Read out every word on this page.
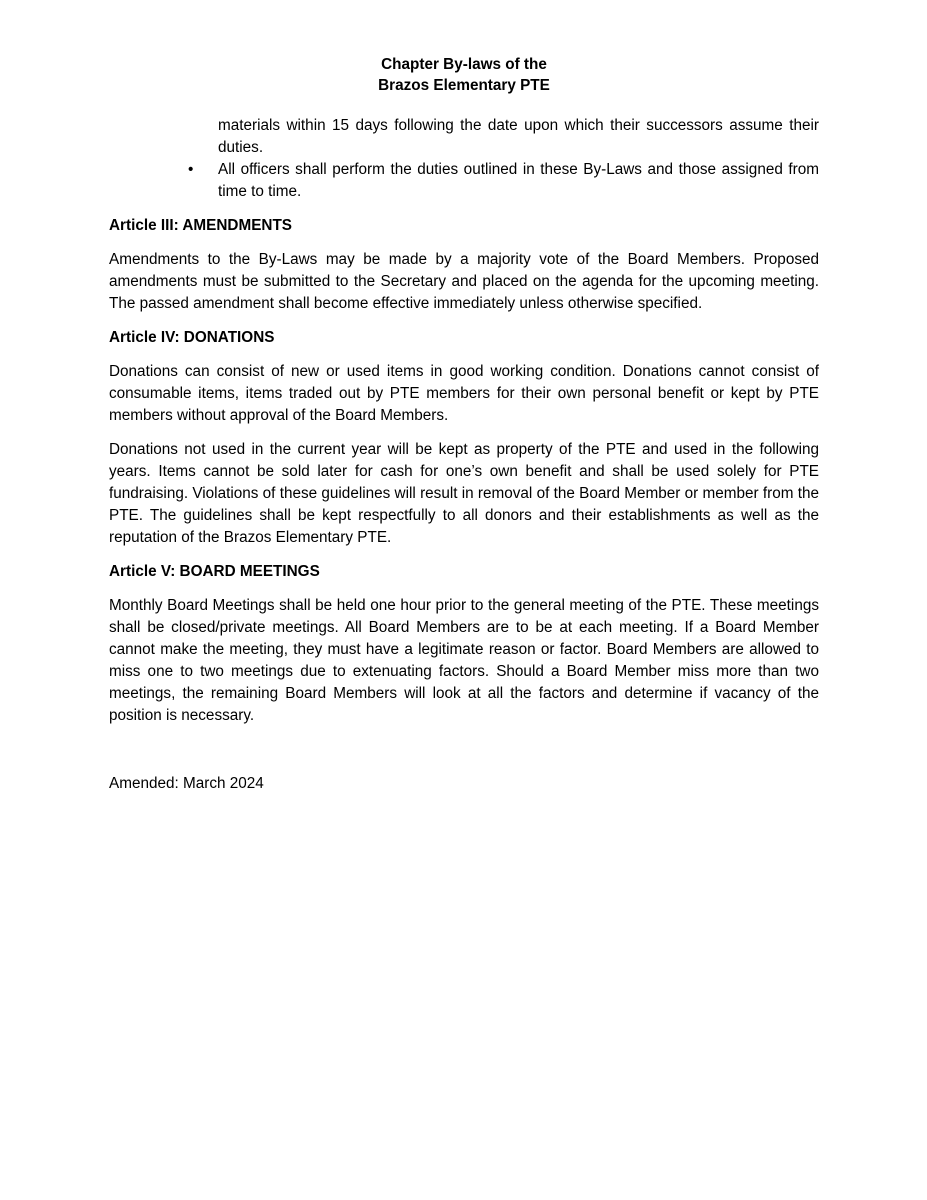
Chapter By-laws of the
Brazos Elementary PTE
materials within 15 days following the date upon which their successors assume their duties.
•	All officers shall perform the duties outlined in these By-Laws and those assigned from time to time.
Article III: AMENDMENTS
Amendments to the By-Laws may be made by a majority vote of the Board Members. Proposed amendments must be submitted to the Secretary and placed on the agenda for the upcoming meeting. The passed amendment shall become effective immediately unless otherwise specified.
Article IV: DONATIONS
Donations can consist of new or used items in good working condition. Donations cannot consist of consumable items, items traded out by PTE members for their own personal benefit or kept by PTE members without approval of the Board Members.
Donations not used in the current year will be kept as property of the PTE and used in the following years. Items cannot be sold later for cash for one’s own benefit and shall be used solely for PTE fundraising. Violations of these guidelines will result in removal of the Board Member or member from the PTE. The guidelines shall be kept respectfully to all donors and their establishments as well as the reputation of the Brazos Elementary PTE.
Article V: BOARD MEETINGS
Monthly Board Meetings shall be held one hour prior to the general meeting of the PTE. These meetings shall be closed/private meetings. All Board Members are to be at each meeting. If a Board Member cannot make the meeting, they must have a legitimate reason or factor. Board Members are allowed to miss one to two meetings due to extenuating factors. Should a Board Member miss more than two meetings, the remaining Board Members will look at all the factors and determine if vacancy of the position is necessary.
Amended: March 2024
